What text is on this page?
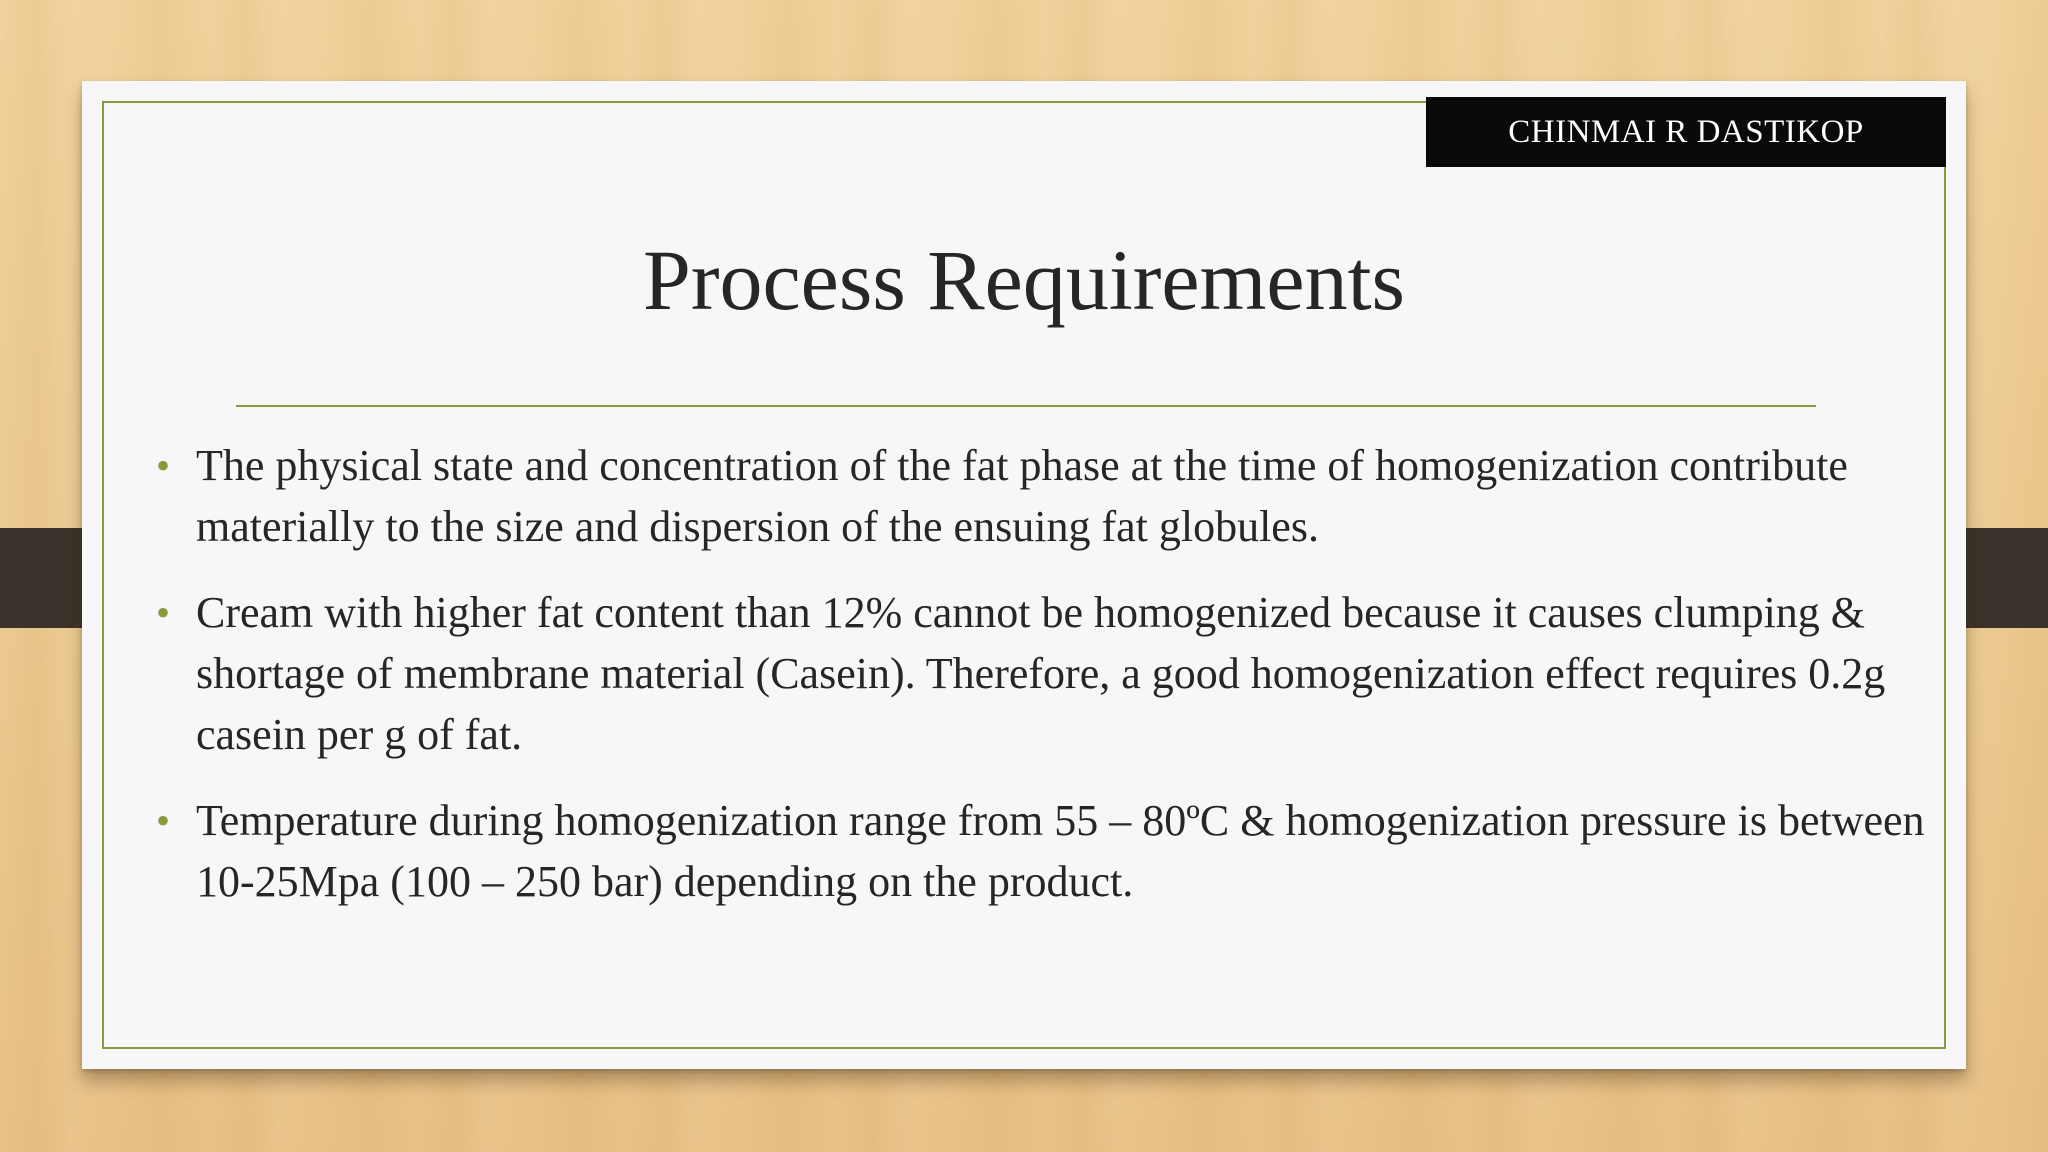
CHINMAI R DASTIKOP
Process Requirements
• The physical state and concentration of the fat phase at the time of homogenization contribute materially to the size and dispersion of the ensuing fat globules.
• Cream with higher fat content than 12% cannot be homogenized because it causes clumping & shortage of membrane material (Casein). Therefore, a good homogenization effect requires 0.2g casein per g of fat.
• Temperature during homogenization range from 55 – 80ºC & homogenization pressure is between 10-25Mpa (100 – 250 bar) depending on the product.
